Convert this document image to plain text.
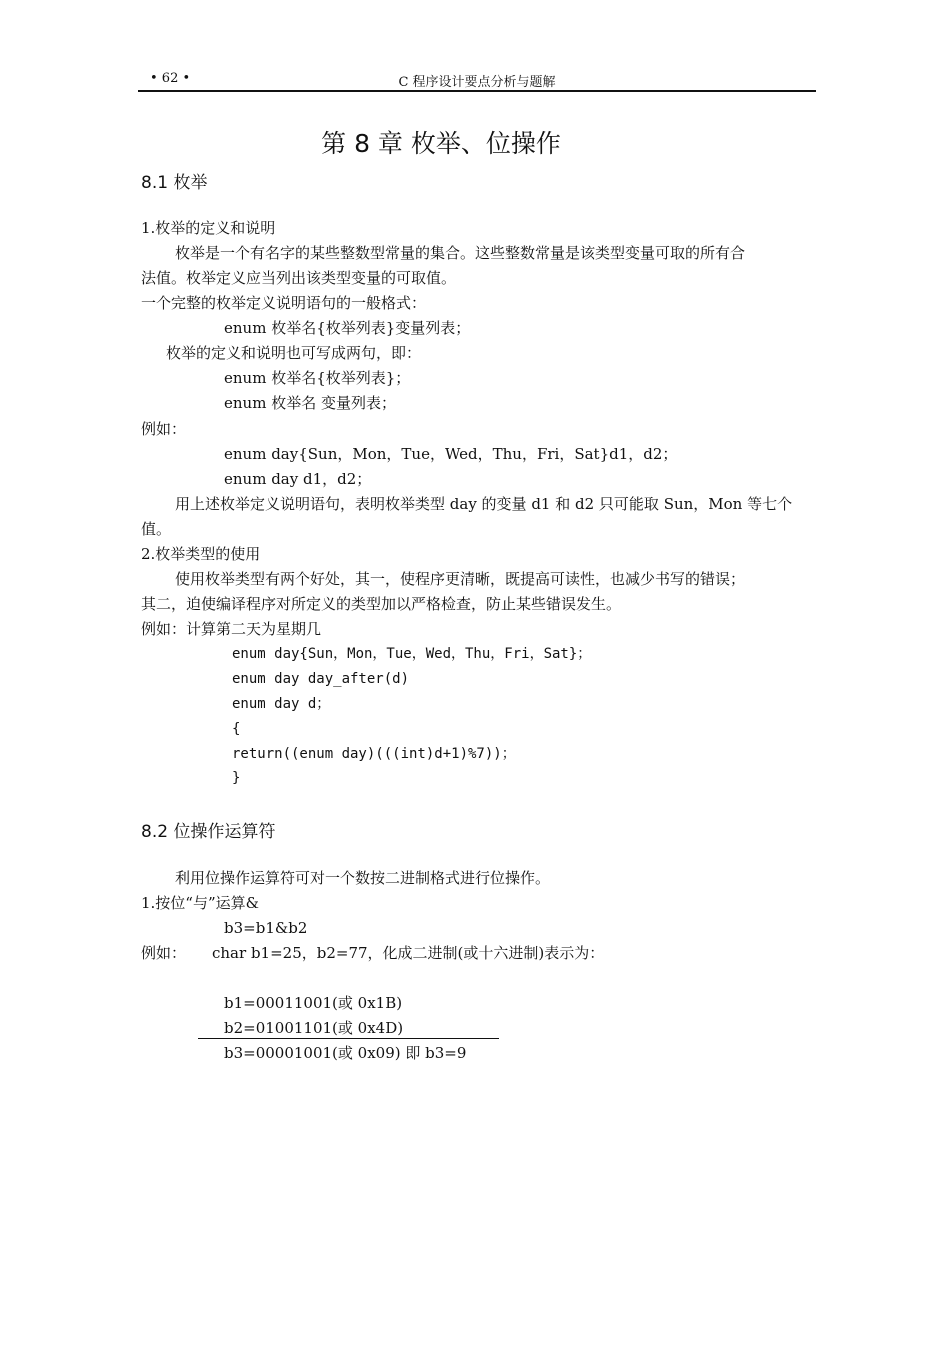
• 62 •	C 程序设计要点分析与题解
第 8 章 枚举、位操作
8.1 枚举
1.枚举的定义和说明
枚举是一个有名字的某些整数型常量的集合。这些整数常量是该类型变量可取的所有合
法值。枚举定义应当列出该类型变量的可取值。
一个完整的枚举定义说明语句的一般格式：
enum 枚举名{枚举列表}变量列表；
枚举的定义和说明也可写成两句，即：
enum 枚举名{枚举列表}；
enum 枚举名 变量列表；
例如：
enum day{Sun，Mon，Tue，Wed，Thu，Fri，Sat}d1，d2；
enum day d1，d2；
用上述枚举定义说明语句，表明枚举类型 day 的变量 d1 和 d2 只可能取 Sun，Mon 等七个
值。
2.枚举类型的使用
使用枚举类型有两个好处，其一，使程序更清晰，既提高可读性，也减少书写的错误；
其二，迫使编译程序对所定义的类型加以严格检查，防止某些错误发生。
例如：计算第二天为星期几
enum day{Sun，Mon，Tue，Wed，Thu，Fri，Sat}；
enum day day_after(d)
enum day d；
{
return((enum day)(((int)d+1)%7))；
}
8.2 位操作运算符
利用位操作运算符可对一个数按二进制格式进行位操作。
1.按位“与”运算&
b3=b1&b2
例如： char b1=25，b2=77，化成二进制(或十六进制)表示为：
b1=00011001(或 0x1B)
b2=01001101(或 0x4D)
b3=00001001(或 0x09) 即 b3=9
